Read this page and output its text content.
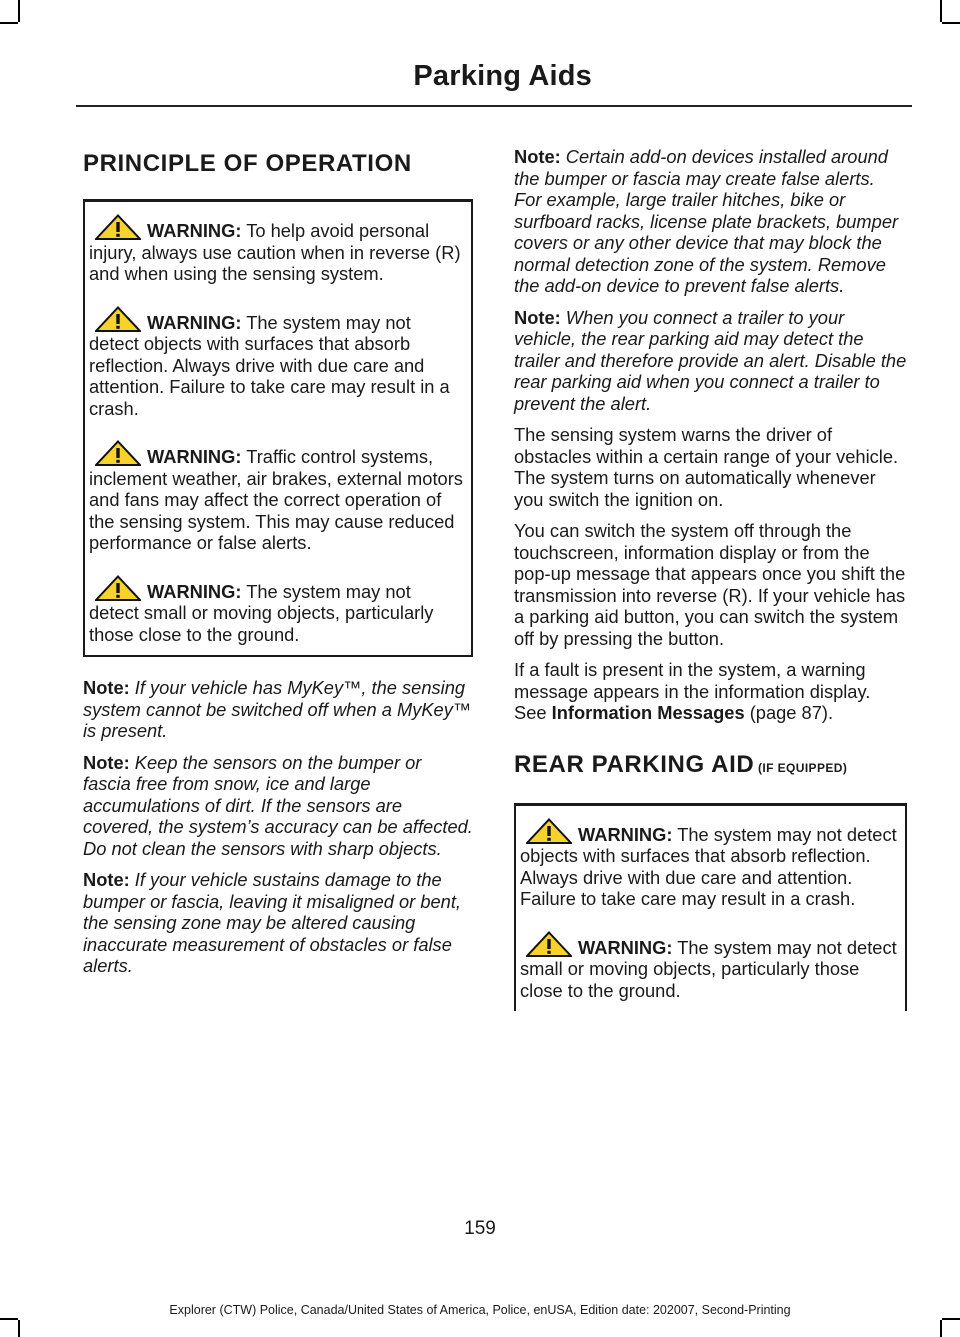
Parking Aids
PRINCIPLE OF OPERATION

WARNING: To help avoid personal injury, always use caution when in reverse (R) and when using the sensing system.

WARNING: The system may not detect objects with surfaces that absorb reflection. Always drive with due care and attention. Failure to take care may result in a crash.

WARNING: Traffic control systems, inclement weather, air brakes, external motors and fans may affect the correct operation of the sensing system. This may cause reduced performance or false alerts.

WARNING: The system may not detect small or moving objects, particularly those close to the ground.

Note: If your vehicle has MyKey™, the sensing system cannot be switched off when a MyKey™ is present.

Note: Keep the sensors on the bumper or fascia free from snow, ice and large accumulations of dirt. If the sensors are covered, the system’s accuracy can be affected. Do not clean the sensors with sharp objects.

Note: If your vehicle sustains damage to the bumper or fascia, leaving it misaligned or bent, the sensing zone may be altered causing inaccurate measurement of obstacles or false alerts.

Note: Certain add-on devices installed around the bumper or fascia may create false alerts. For example, large trailer hitches, bike or surfboard racks, license plate brackets, bumper covers or any other device that may block the normal detection zone of the system. Remove the add-on device to prevent false alerts.

Note: When you connect a trailer to your vehicle, the rear parking aid may detect the trailer and therefore provide an alert. Disable the rear parking aid when you connect a trailer to prevent the alert.

The sensing system warns the driver of obstacles within a certain range of your vehicle. The system turns on automatically whenever you switch the ignition on.

You can switch the system off through the touchscreen, information display or from the pop-up message that appears once you shift the transmission into reverse (R). If your vehicle has a parking aid button, you can switch the system off by pressing the button.

If a fault is present in the system, a warning message appears in the information display. See Information Messages (page 87).

REAR PARKING AID (IF EQUIPPED)

WARNING: The system may not detect objects with surfaces that absorb reflection. Always drive with due care and attention. Failure to take care may result in a crash.

WARNING: The system may not detect small or moving objects, particularly those close to the ground.

159
Explorer (CTW) Police, Canada/United States of America, Police, enUSA, Edition date: 202007, Second-Printing
